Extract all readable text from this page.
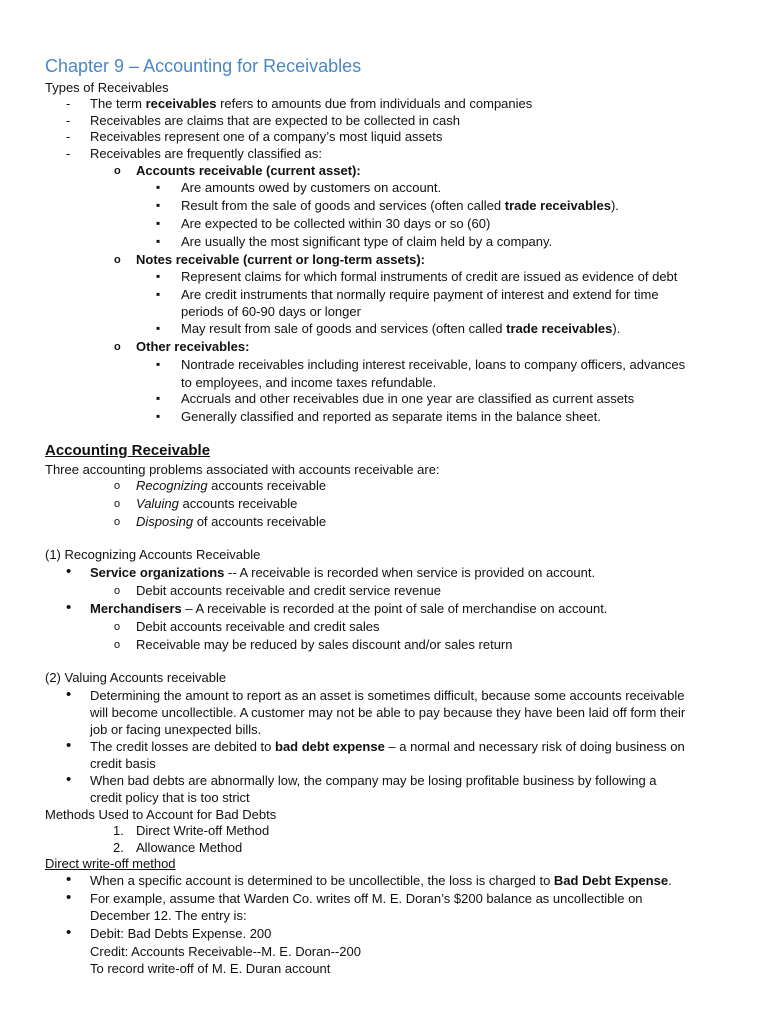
Chapter 9 – Accounting for Receivables
Types of Receivables
- The term receivables refers to amounts due from individuals and companies
- Receivables are claims that are expected to be collected in cash
- Receivables represent one of a company’s most liquid assets
- Receivables are frequently classified as:
o Accounts receivable (current asset):
▪ Are amounts owed by customers on account.
▪ Result from the sale of goods and services (often called trade receivables).
▪ Are expected to be collected within 30 days or so (60)
▪ Are usually the most significant type of claim held by a company.
o Notes receivable (current or long-term assets):
▪ Represent claims for which formal instruments of credit are issued as evidence of debt
▪ Are credit instruments that normally require payment of interest and extend for time
periods of 60-90 days or longer
▪ May result from sale of goods and services (often called trade receivables).
o Other receivables:
▪ Nontrade receivables including interest receivable, loans to company officers, advances
to employees, and income taxes refundable.
▪ Accruals and other receivables due in one year are classified as current assets
▪ Generally classified and reported as separate items in the balance sheet.
Accounting Receivable
Three accounting problems associated with accounts receivable are:
o Recognizing accounts receivable
o Valuing accounts receivable
o Disposing of accounts receivable
(1) Recognizing Accounts Receivable
• Service organizations -- A receivable is recorded when service is provided on account.
o Debit accounts receivable and credit service revenue
• Merchandisers – A receivable is recorded at the point of sale of merchandise on account.
o Debit accounts receivable and credit sales
o Receivable may be reduced by sales discount and/or sales return
(2) Valuing Accounts receivable
• Determining the amount to report as an asset is sometimes difficult, because some accounts receivable
will become uncollectible. A customer may not be able to pay because they have been laid off form their
job or facing unexpected bills.
• The credit losses are debited to bad debt expense – a normal and necessary risk of doing business on
credit basis
• When bad debts are abnormally low, the company may be losing profitable business by following a
credit policy that is too strict
Methods Used to Account for Bad Debts
1. Direct Write-off Method
2. Allowance Method
Direct write-off method
• When a specific account is determined to be uncollectible, the loss is charged to Bad Debt Expense.
• For example, assume that Warden Co. writes off M. E. Doran’s $200 balance as uncollectible on
December 12. The entry is:
• Debit: Bad Debts Expense. 200
Credit: Accounts Receivable--M. E. Doran--200
To record write-off of M. E. Duran account
